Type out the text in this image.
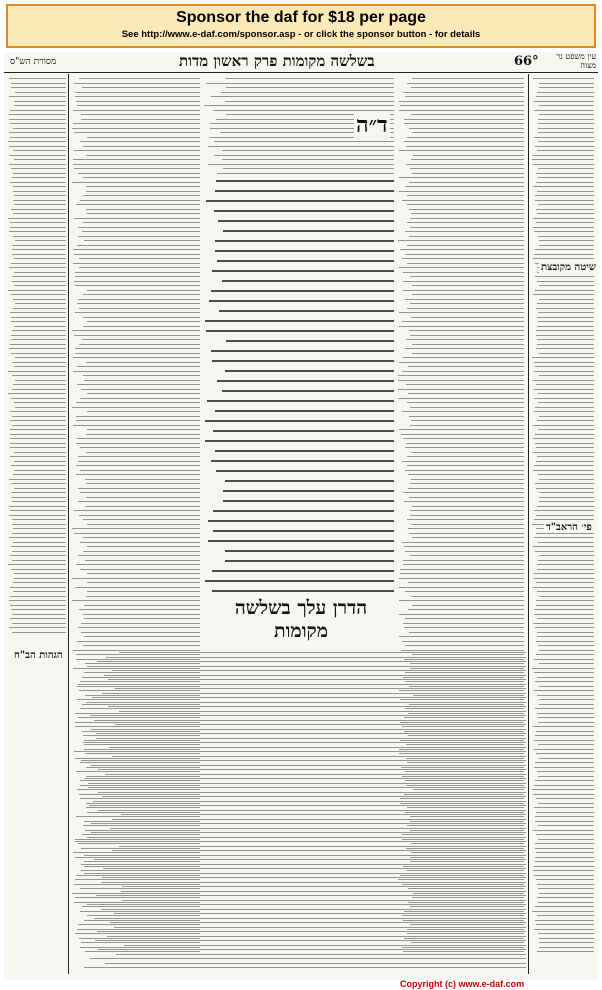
Sponsor the daf for $18 per page
See http://www.e-daf.com/sponsor.asp - or click the sponsor button - for details
מסורת הש"ס	בשלשה מקומות פרק ראשון מדות	66°	עין משפט נר מצוה
ד״ה
הדרן עלך בשלשה מקומות
שיטה מקובצת
פי׳ הראב"ד
הגהות הב"ח
Copyright (c) www.e-daf.com
